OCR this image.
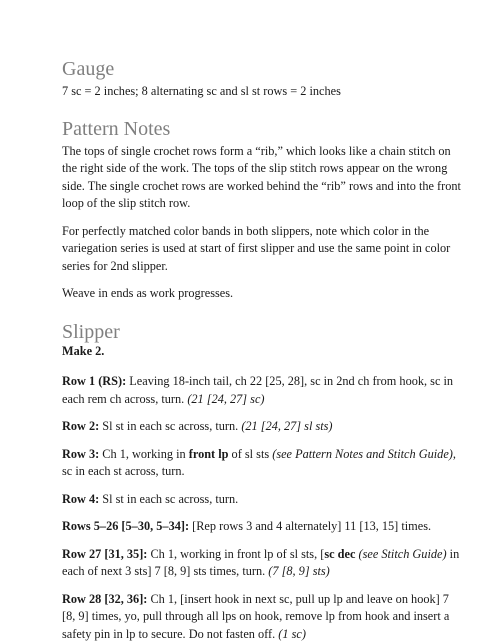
Gauge

7 sc = 2 inches; 8 alternating sc and sl st rows = 2 inches

Pattern Notes

The tops of single crochet rows form a “rib,” which looks like a chain stitch on the right side of the work. The tops of the slip stitch rows appear on the wrong side. The single crochet rows are worked behind the “rib” rows and into the front loop of the slip stitch row.

For perfectly matched color bands in both slippers, note which color in the variegation series is used at start of first slipper and use the same point in color series for 2nd slipper.

Weave in ends as work progresses.

Slipper

Make 2.

Row 1 (RS): Leaving 18-inch tail, ch 22 [25, 28], sc in 2nd ch from hook, sc in each rem ch across, turn. (21 [24, 27] sc)

Row 2: Sl st in each sc across, turn. (21 [24, 27] sl sts)

Row 3: Ch 1, working in front lp of sl sts (see Pattern Notes and Stitch Guide), sc in each st across, turn.

Row 4: Sl st in each sc across, turn.

Rows 5–26 [5–30, 5–34]: [Rep rows 3 and 4 alternately] 11 [13, 15] times.

Row 27 [31, 35]: Ch 1, working in front lp of sl sts, [sc dec (see Stitch Guide) in each of next 3 sts] 7 [8, 9] sts times, turn. (7 [8, 9] sts)

Row 28 [32, 36]: Ch 1, [insert hook in next sc, pull up lp and leave on hook] 7 [8, 9] times, yo, pull through all lps on hook, remove lp from hook and insert a safety pin in lp to secure. Do not fasten off. (1 sc)
